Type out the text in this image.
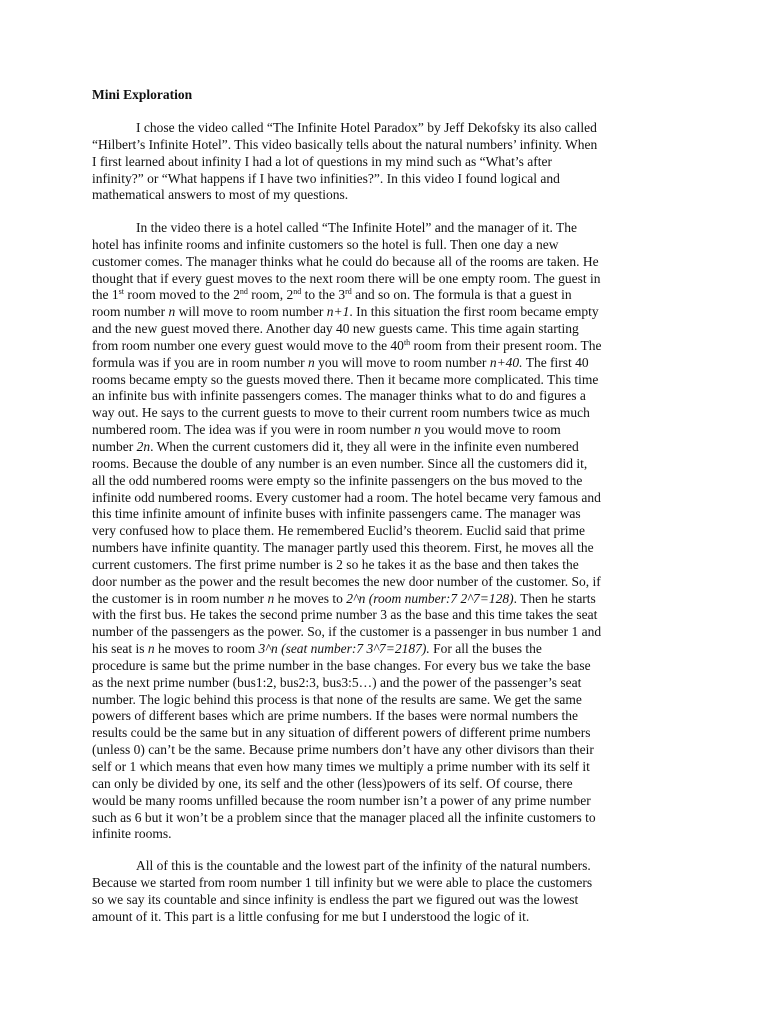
Mini Exploration
I chose the video called “The Infinite Hotel Paradox” by Jeff Dekofsky its also called
“Hilbert’s Infinite Hotel”. This video basically tells about the natural numbers’ infinity. When
I first learned about infinity I had a lot of questions in my mind such as “What’s after
infinity?” or “What happens if I have two infinities?”. In this video I found logical and
mathematical answers to most of my questions.
In the video there is a hotel called “The Infinite Hotel” and the manager of it. The
hotel has infinite rooms and infinite customers so the hotel is full. Then one day a new
customer comes. The manager thinks what he could do because all of the rooms are taken. He
thought that if every guest moves to the next room there will be one empty room. The guest in
the 1st room moved to the 2nd room, 2nd to the 3rd and so on. The formula is that a guest in
room number n will move to room number n+1. In this situation the first room became empty
and the new guest moved there. Another day 40 new guests came. This time again starting
from room number one every guest would move to the 40th room from their present room. The
formula was if you are in room number n you will move to room number n+40. The first 40
rooms became empty so the guests moved there. Then it became more complicated. This time
an infinite bus with infinite passengers comes. The manager thinks what to do and figures a
way out. He says to the current guests to move to their current room numbers twice as much
numbered room. The idea was if you were in room number n you would move to room
number 2n. When the current customers did it, they all were in the infinite even numbered
rooms. Because the double of any number is an even number. Since all the customers did it,
all the odd numbered rooms were empty so the infinite passengers on the bus moved to the
infinite odd numbered rooms. Every customer had a room. The hotel became very famous and
this time infinite amount of infinite buses with infinite passengers came. The manager was
very confused how to place them. He remembered Euclid’s theorem. Euclid said that prime
numbers have infinite quantity. The manager partly used this theorem. First, he moves all the
current customers. The first prime number is 2 so he takes it as the base and then takes the
door number as the power and the result becomes the new door number of the customer. So, if
the customer is in room number n he moves to 2^n (room number:7 2^7=128). Then he starts
with the first bus. He takes the second prime number 3 as the base and this time takes the seat
number of the passengers as the power. So, if the customer is a passenger in bus number 1 and
his seat is n he moves to room 3^n (seat number:7 3^7=2187). For all the buses the
procedure is same but the prime number in the base changes. For every bus we take the base
as the next prime number (bus1:2, bus2:3, bus3:5…) and the power of the passenger’s seat
number. The logic behind this process is that none of the results are same. We get the same
powers of different bases which are prime numbers. If the bases were normal numbers the
results could be the same but in any situation of different powers of different prime numbers
(unless 0) can’t be the same. Because prime numbers don’t have any other divisors than their
self or 1 which means that even how many times we multiply a prime number with its self it
can only be divided by one, its self and the other (less)powers of its self. Of course, there
would be many rooms unfilled because the room number isn’t a power of any prime number
such as 6 but it won’t be a problem since that the manager placed all the infinite customers to
infinite rooms.
All of this is the countable and the lowest part of the infinity of the natural numbers.
Because we started from room number 1 till infinity but we were able to place the customers
so we say its countable and since infinity is endless the part we figured out was the lowest
amount of it. This part is a little confusing for me but I understood the logic of it.
